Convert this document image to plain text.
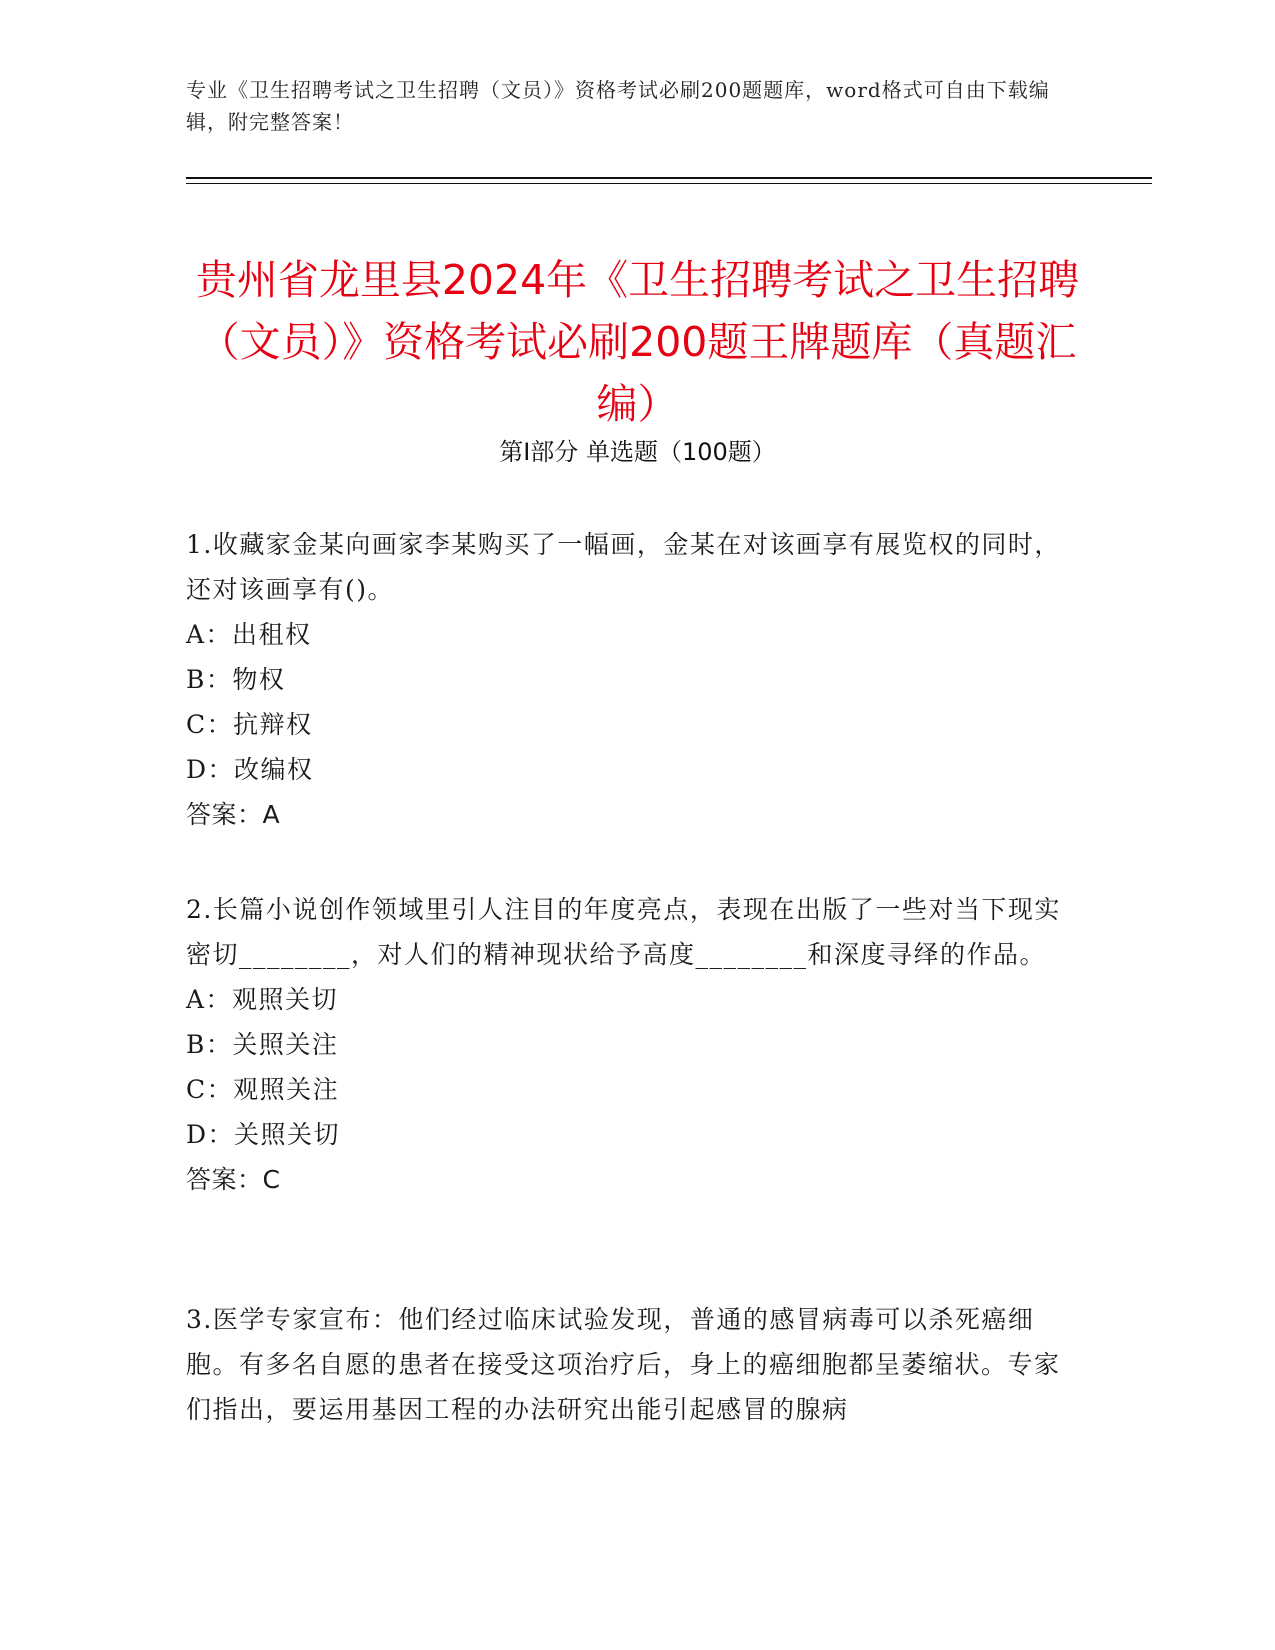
专业《卫生招聘考试之卫生招聘（文员）》资格考试必刷200题题库，word格式可自由下载编辑，附完整答案！
贵州省龙里县2024年《卫生招聘考试之卫生招聘（文员）》资格考试必刷200题王牌题库（真题汇编）
第Ⅰ部分 单选题（100题）

1.收藏家金某向画家李某购买了一幅画，金某在对该画享有展览权的同时，还对该画享有()。

A：出租权

B：物权

C：抗辩权

D：改编权

答案：A

2.长篇小说创作领域里引人注目的年度亮点，表现在出版了一些对当下现实密切________，对人们的精神现状给予高度________和深度寻绎的作品。

A：观照关切

B：关照关注

C：观照关注

D：关照关切

答案：C

3.医学专家宣布：他们经过临床试验发现，普通的感冒病毒可以杀死癌细胞。有多名自愿的患者在接受这项治疗后，身上的癌细胞都呈萎缩状。专家们指出，要运用基因工程的办法研究出能引起感冒的腺病
